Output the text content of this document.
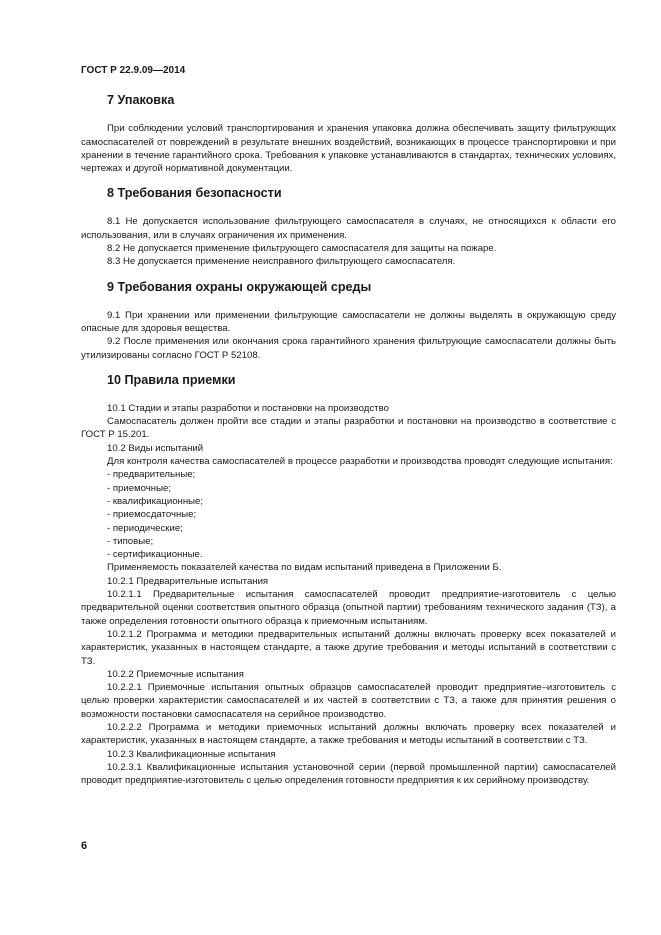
ГОСТ Р 22.9.09—2014
7 Упаковка

При соблюдении условий транспортирования и хранения упаковка должна обеспечивать защиту фильтрующих самоспасателей от повреждений в результате внешних воздействий, возникающих в процессе транспортировки и при хранении в течение гарантийного срока. Требования к упаковке устанавливаются в стандартах, технических условиях, чертежах и другой нормативной документации.

8 Требования безопасности

8.1 Не допускается использование фильтрующего самоспасателя в случаях, не относящихся к области его использования, или в случаях ограничения их применения.

8.2 Не допускается применение фильтрующего самоспасателя для защиты на пожаре.

8.3 Не допускается применение неисправного фильтрующего самоспасателя.

9 Требования охраны окружающей среды

9.1 При хранении или применении фильтрующие самоспасатели не должны выделять в окружающую среду опасные для здоровья вещества.

9.2 После применения или окончания срока гарантийного хранения фильтрующие самоспасатели должны быть утилизированы согласно ГОСТ Р 52108.

10 Правила приемки

10.1 Стадии и этапы разработки и постановки на производство

Самоспасатель должен пройти все стадии и этапы разработки и постановки на производство в соответствие с ГОСТ Р 15.201.

10.2 Виды испытаний

Для контроля качества самоспасателей в процессе разработки и производства проводят следующие испытания:

- предварительные;
- приемочные;
- квалификационные;
- приемосдаточные;
- периодические;
- типовые;
- сертификационные.

Применяемость показателей качества по видам испытаний приведена в Приложении Б.

10.2.1 Предварительные испытания

10.2.1.1 Предварительные испытания самоспасателей проводит предприятие-изготовитель с целью предварительной оценки соответствия опытного образца (опытной партии) требованиям технического задания (ТЗ), а также определения готовности опытного образца к приемочным испытаниям.

10.2.1.2 Программа и методики предварительных испытаний должны включать проверку всех показателей и характеристик, указанных в настоящем стандарте, а также другие требования и методы испытаний в соответствии с ТЗ.

10.2.2 Приемочные испытания

10.2.2.1 Приемочные испытания опытных образцов самоспасателей проводит предприятие–изготовитель с целью проверки характеристик самоспасателей и их частей в соответствии с ТЗ, а также для принятия решения о возможности постановки самоспасателя на серийное производство.

10.2.2.2 Программа и методики приемочных испытаний должны включать проверку всех показателей и характеристик, указанных в настоящем стандарте, а также требования и методы испытаний в соответствии с ТЗ.

10.2.3 Квалификационные испытания

10.2.3.1 Квалификационные испытания установочной серии (первой промышленной партии) самоспасателей проводит предприятие-изготовитель с целью определения готовности предприятия к их серийному производству.

6
